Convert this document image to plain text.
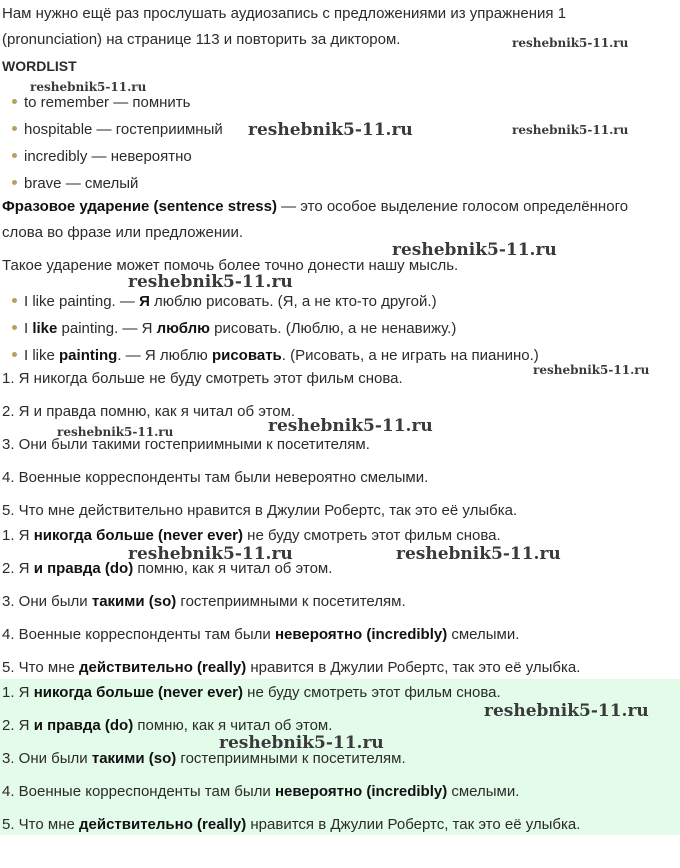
Нам нужно ещё раз прослушать аудиозапись с предложениями из упражнения 1
(pronunciation) на странице 113 и повторить за диктором.
WORDLIST
to remember — помнить
hospitable — гостеприимный
incredibly — невероятно
brave — смелый
Фразовое ударение (sentence stress) — это особое выделение голосом определённого
слова во фразе или предложении.
Такое ударение может помочь более точно донести нашу мысль.
I like painting. — Я люблю рисовать. (Я, а не кто-то другой.)
I like painting. — Я люблю рисовать. (Люблю, а не ненавижу.)
I like painting. — Я люблю рисовать. (Рисовать, а не играть на пианино.)
1. Я никогда больше не буду смотреть этот фильм снова.
2. Я и правда помню, как я читал об этом.
3. Они были такими гостеприимными к посетителям.
4. Военные корреспонденты там были невероятно смелыми.
5. Что мне действительно нравится в Джулии Робертс, так это её улыбка.
1. Я никогда больше (never ever) не буду смотреть этот фильм снова.
2. Я и правда (do) помню, как я читал об этом.
3. Они были такими (so) гостеприимными к посетителям.
4. Военные корреспонденты там были невероятно (incredibly) смелыми.
5. Что мне действительно (really) нравится в Джулии Робертс, так это её улыбка.
1. Я никогда больше (never ever) не буду смотреть этот фильм снова.
2. Я и правда (do) помню, как я читал об этом.
3. Они были такими (so) гостеприимными к посетителям.
4. Военные корреспонденты там были невероятно (incredibly) смелыми.
5. Что мне действительно (really) нравится в Джулии Робертс, так это её улыбка.
reshebnik5-11.ru
reshebnik5-11.ru
reshebnik5-11.ru	reshebnik5-11.ru
reshebnik5-11.ru
reshebnik5-11.ru
reshebnik5-11.ru
reshebnik5-11.ru
reshebnik5-11.ru
reshebnik5-11.ru	reshebnik5-11.ru
reshebnik5-11.ru
reshebnik5-11.ru
